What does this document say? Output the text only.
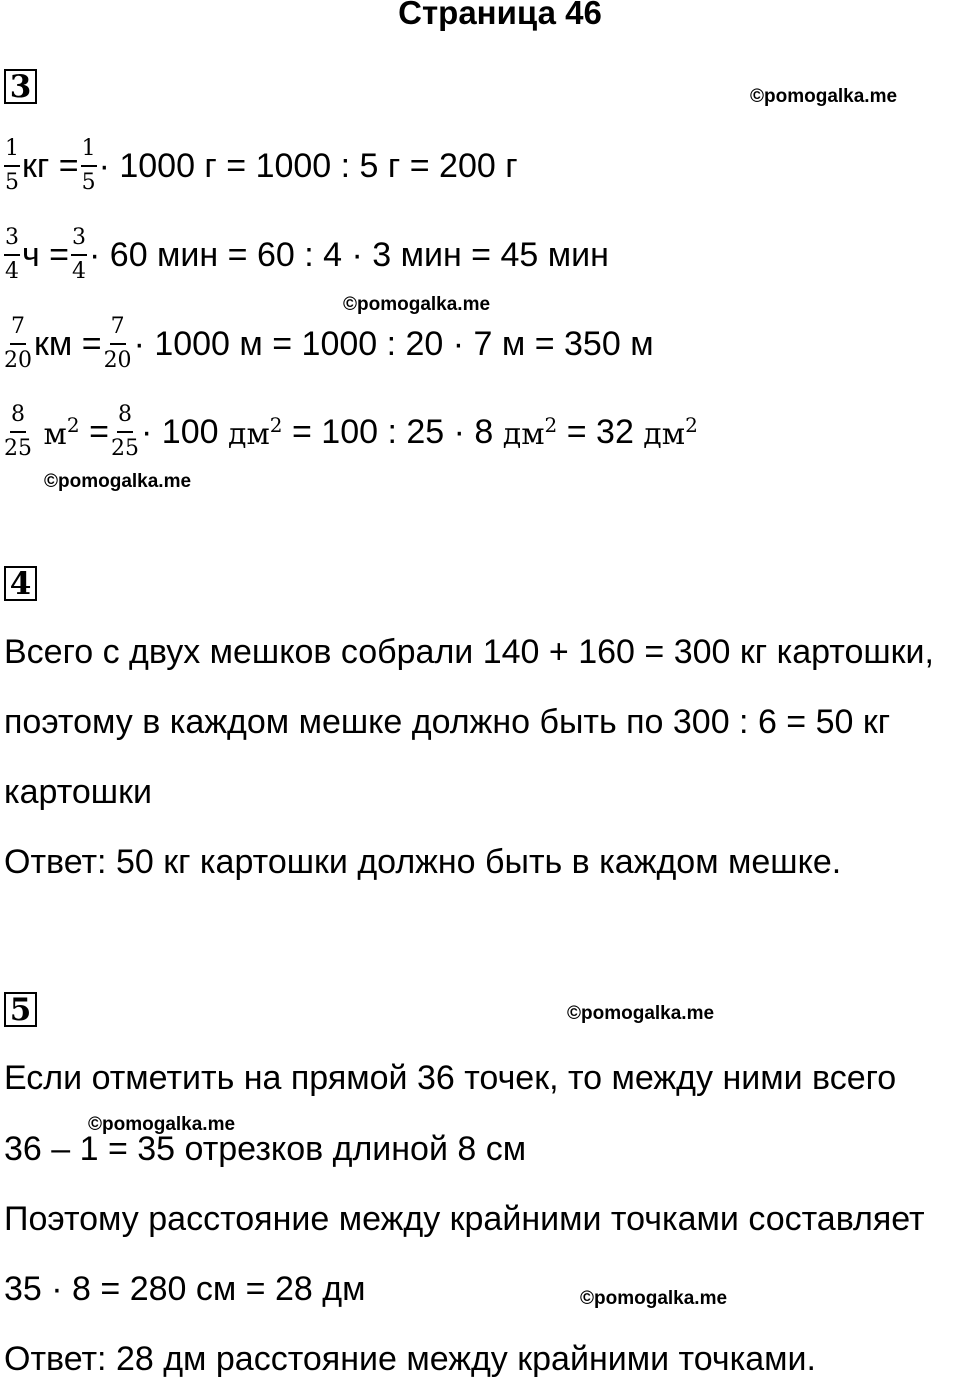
Страница 46
3	©pomogalka.me
$\frac{1}{5}$ кг = $\frac{1}{5} \cdot 1000$ г = 1000 : 5 г = 200 г
$\frac{3}{4}$ $ч = \frac{3}{4} \cdot 60$ мин = 60 : 4 · 3 мин = 45 мин
©pomogalka.me
$\frac{7}{20}$ км = $\frac{7}{20} \cdot 1000$ м = 1000 : 20 · 7 м = 350 м
$\frac{8}{25} м^2 = \frac{8}{25} \cdot 100$ $дм^2 = 100$ : 25 · 8 $дм^2 = 32$ $дм^2$
©pomogalka.me
4
Всего с двух мешков собрали 140 + 160 = 300 кг картошки,
поэтому в каждом мешке должно быть по 300 : 6 = 50 кг
картошки
Ответ: 50 кг картошки должно быть в каждом мешке.
5	©pomogalka.me
Если отметить на прямой 36 точек, то между ними всего
©pomogalka.me
36 – 1 = 35 отрезков длиной 8 см
Поэтому расстояние между крайними точками составляет
35 · 8 = 280 см = 28 дм	©pomogalka.me
Ответ: 28 дм расстояние между крайними точками.
